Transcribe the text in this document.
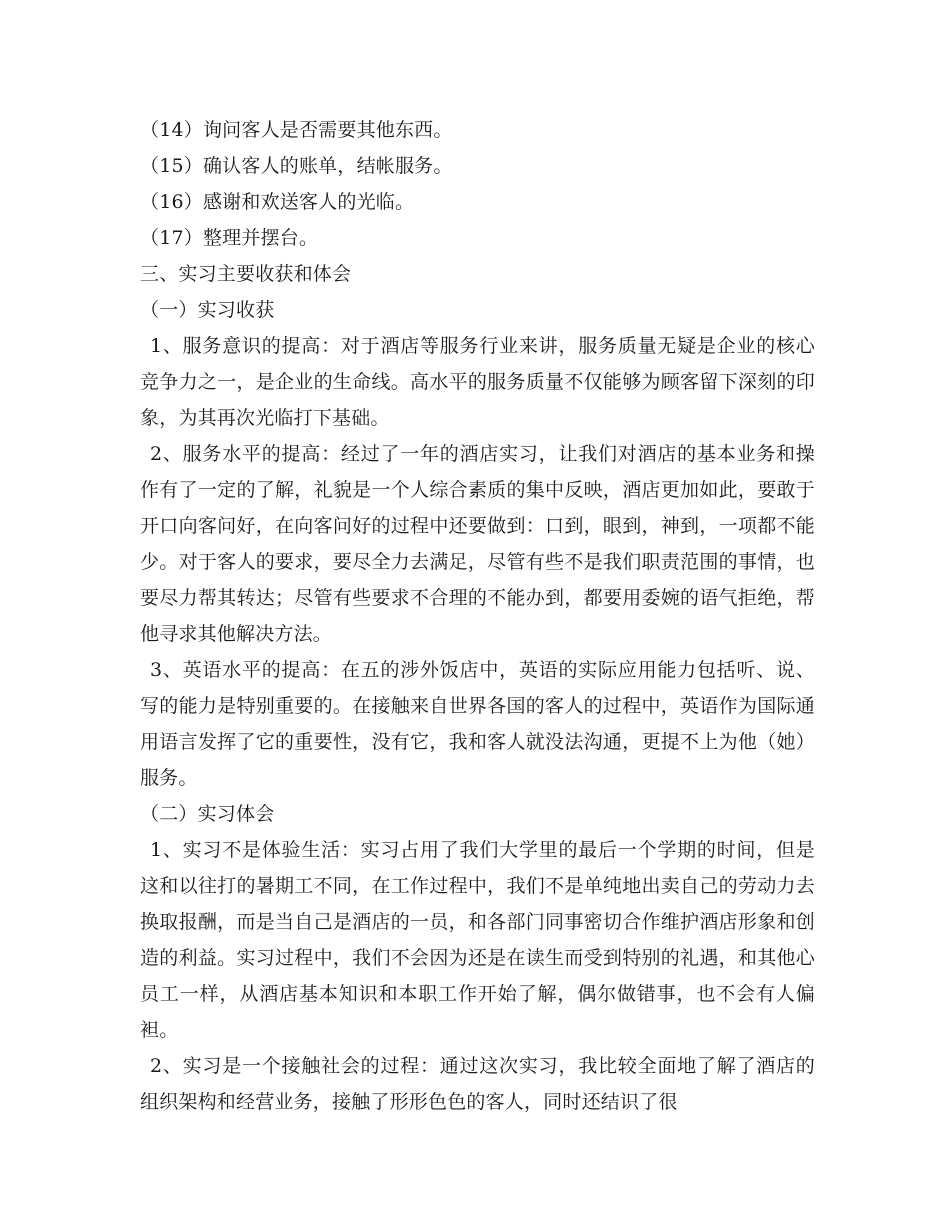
（14）询问客人是否需要其他东西。

（15）确认客人的账单，结帐服务。

（16）感谢和欢送客人的光临。

（17）整理并摆台。

三、实习主要收获和体会

（一）实习收获

1、服务意识的提高：对于酒店等服务行业来讲，服务质量无疑是企业的核心竞争力之一，是企业的生命线。高水平的服务质量不仅能够为顾客留下深刻的印象，为其再次光临打下基础。

2、服务水平的提高：经过了一年的酒店实习，让我们对酒店的基本业务和操作有了一定的了解，礼貌是一个人综合素质的集中反映，酒店更加如此，要敢于开口向客问好，在向客问好的过程中还要做到：口到，眼到，神到，一项都不能少。对于客人的要求，要尽全力去满足，尽管有些不是我们职责范围的事情，也要尽力帮其转达；尽管有些要求不合理的不能办到，都要用委婉的语气拒绝，帮他寻求其他解决方法。

3、英语水平的提高：在五的涉外饭店中，英语的实际应用能力包括听、说、写的能力是特别重要的。在接触来自世界各国的客人的过程中，英语作为国际通用语言发挥了它的重要性，没有它，我和客人就没法沟通，更提不上为他（她）服务。

（二）实习体会

1、实习不是体验生活：实习占用了我们大学里的最后一个学期的时间，但是这和以往打的暑期工不同，在工作过程中，我们不是单纯地出卖自己的劳动力去换取报酬，而是当自己是酒店的一员，和各部门同事密切合作维护酒店形象和创造的利益。实习过程中，我们不会因为还是在读生而受到特别的礼遇，和其他心员工一样，从酒店基本知识和本职工作开始了解，偶尔做错事，也不会有人偏袒。

2、实习是一个接触社会的过程：通过这次实习，我比较全面地了解了酒店的组织架构和经营业务，接触了形形色色的客人，同时还结识了很
